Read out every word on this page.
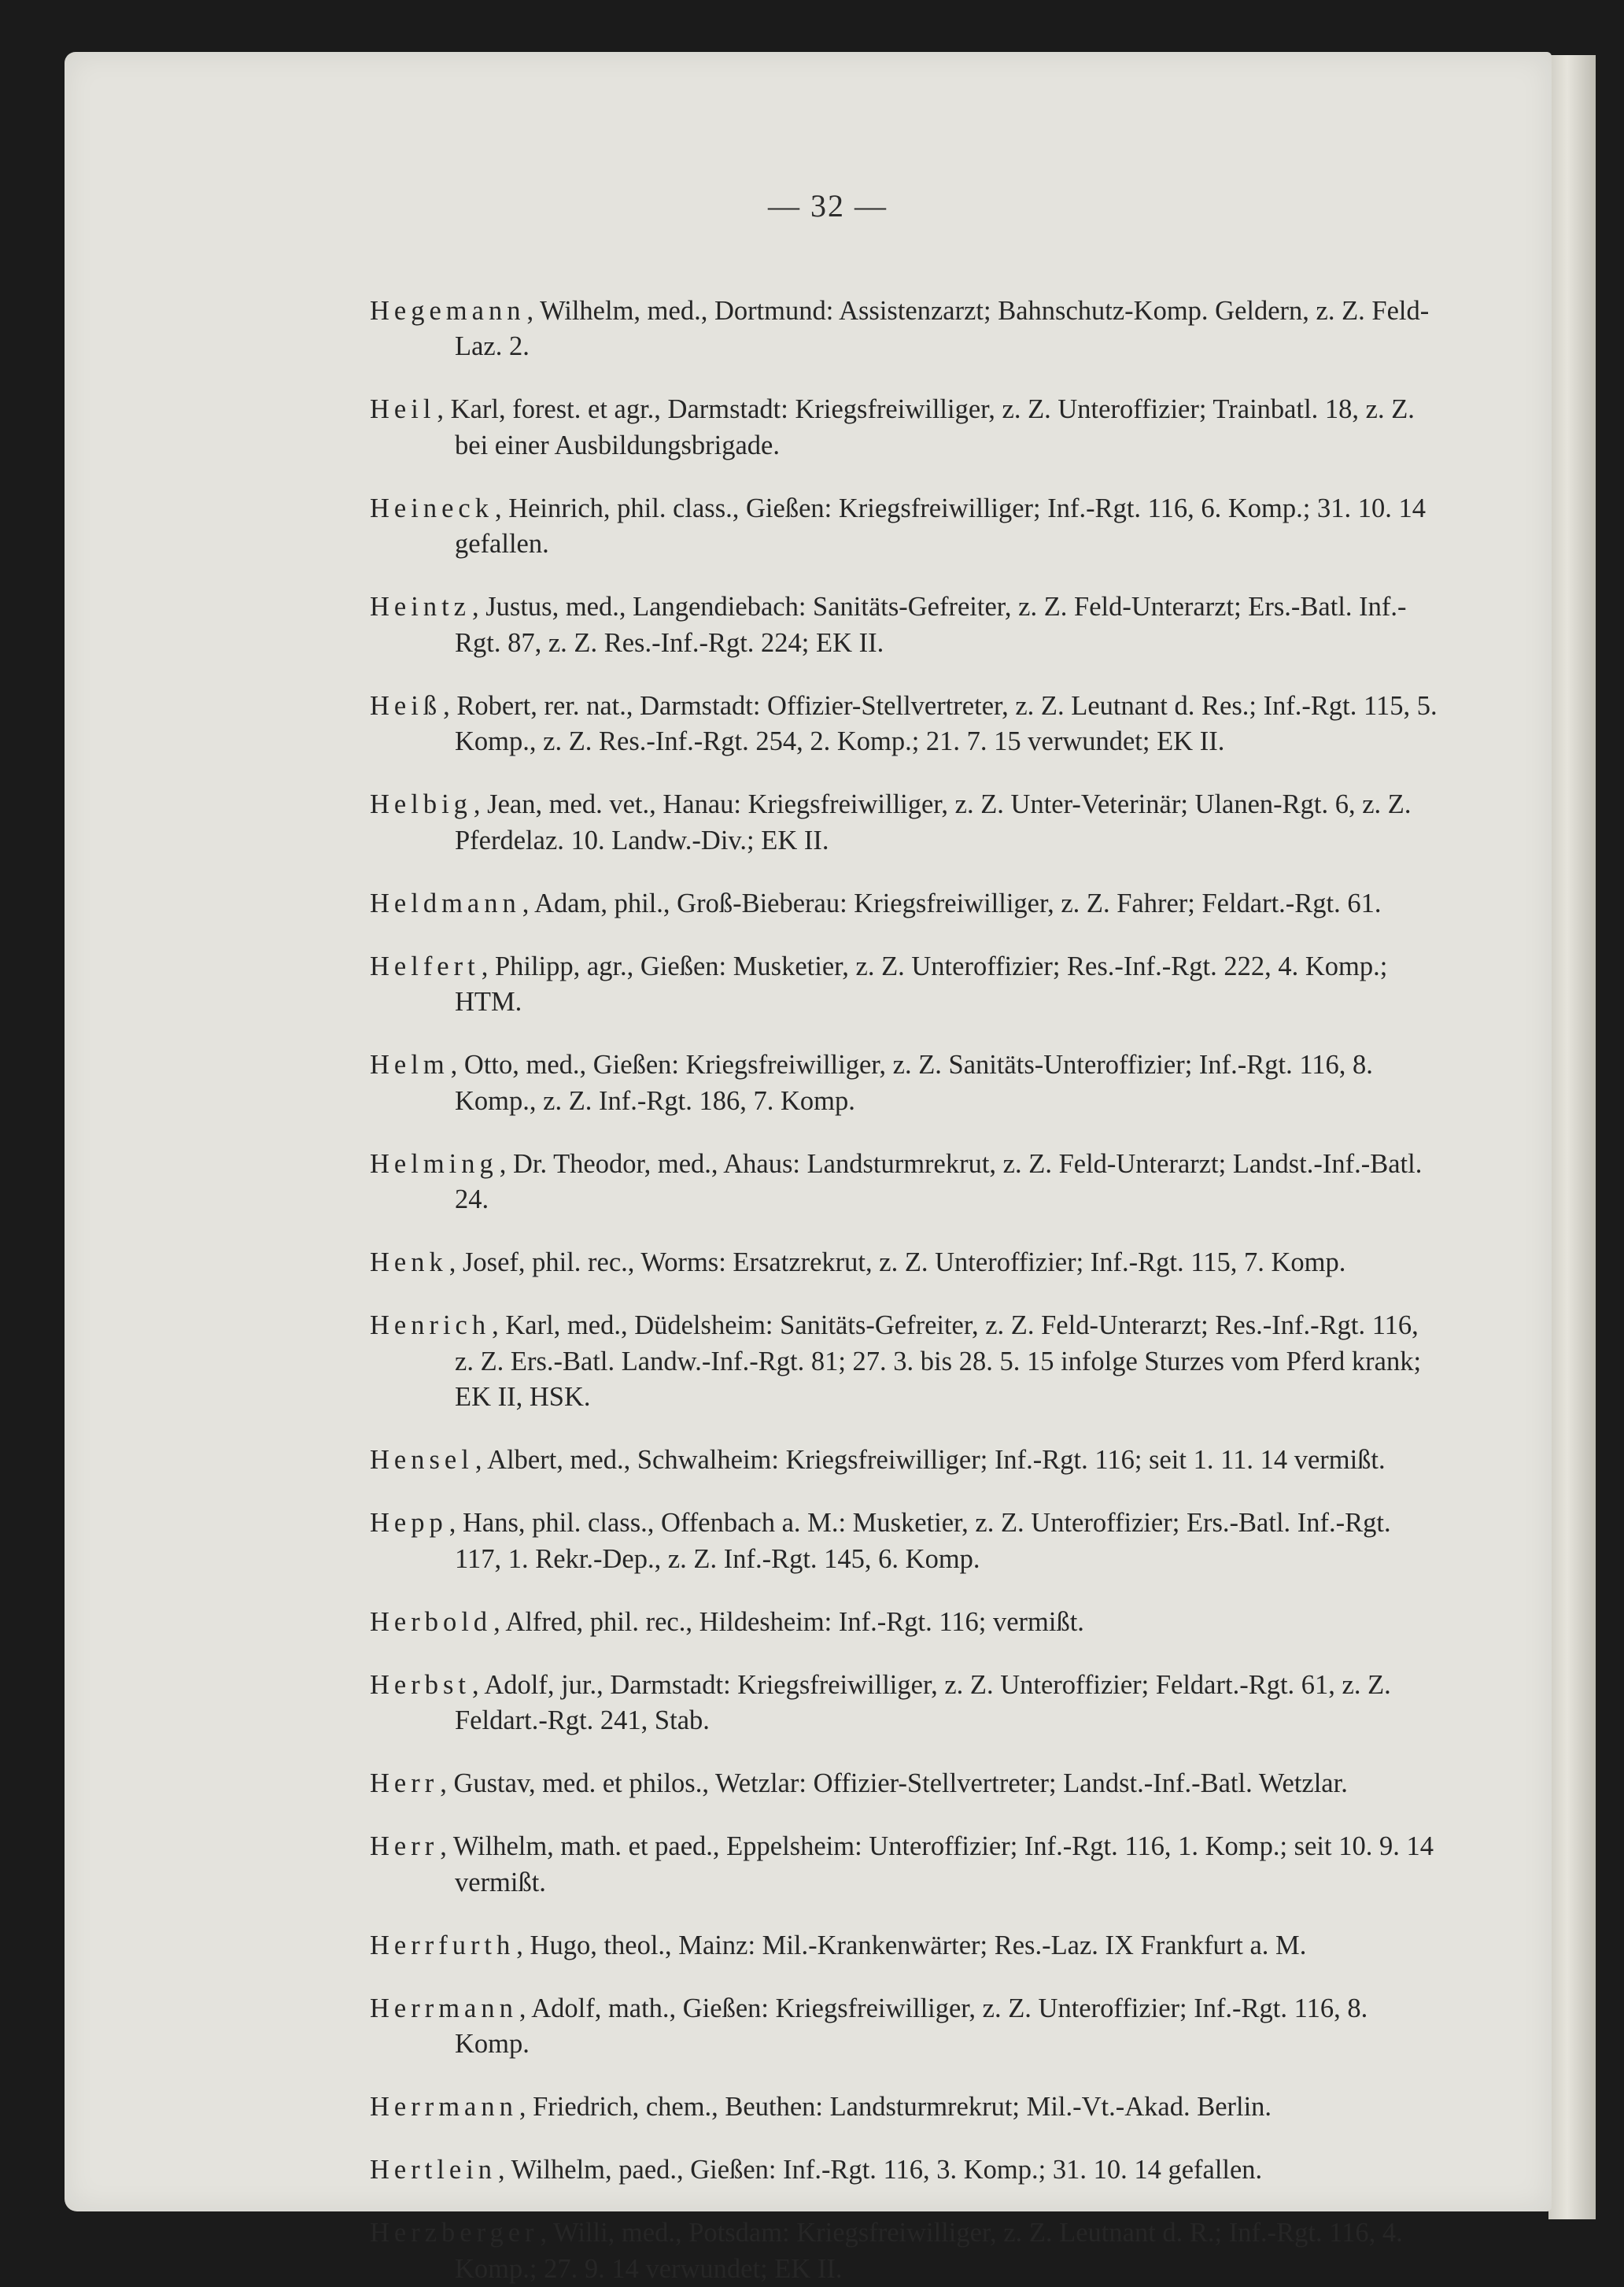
— 32 —

Hegemann, Wilhelm, med., Dortmund: Assistenzarzt; Bahnschutz-Komp. Geldern, z. Z. Feld-Laz. 2.

Heil, Karl, forest. et agr., Darmstadt: Kriegsfreiwilliger, z. Z. Unteroffizier; Trainbatl. 18, z. Z. bei einer Ausbildungsbrigade.

Heineck, Heinrich, phil. class., Gießen: Kriegsfreiwilliger; Inf.-Rgt. 116, 6. Komp.; 31. 10. 14 gefallen.

Heintz, Justus, med., Langendiebach: Sanitäts-Gefreiter, z. Z. Feld-Unterarzt; Ers.-Batl. Inf.-Rgt. 87, z. Z. Res.-Inf.-Rgt. 224; EK II.

Heiß, Robert, rer. nat., Darmstadt: Offizier-Stellvertreter, z. Z. Leutnant d. Res.; Inf.-Rgt. 115, 5. Komp., z. Z. Res.-Inf.-Rgt. 254, 2. Komp.; 21. 7. 15 verwundet; EK II.

Helbig, Jean, med. vet., Hanau: Kriegsfreiwilliger, z. Z. Unter-Veterinär; Ulanen-Rgt. 6, z. Z. Pferdelaz. 10. Landw.-Div.; EK II.

Heldmann, Adam, phil., Groß-Bieberau: Kriegsfreiwilliger, z. Z. Fahrer; Feldart.-Rgt. 61.

Helfert, Philipp, agr., Gießen: Musketier, z. Z. Unteroffizier; Res.-Inf.-Rgt. 222, 4. Komp.; HTM.

Helm, Otto, med., Gießen: Kriegsfreiwilliger, z. Z. Sanitäts-Unteroffizier; Inf.-Rgt. 116, 8. Komp., z. Z. Inf.-Rgt. 186, 7. Komp.

Helming, Dr. Theodor, med., Ahaus: Landsturmrekrut, z. Z. Feld-Unterarzt; Landst.-Inf.-Batl. 24.

Henk, Josef, phil. rec., Worms: Ersatzrekrut, z. Z. Unteroffizier; Inf.-Rgt. 115, 7. Komp.

Henrich, Karl, med., Düdelsheim: Sanitäts-Gefreiter, z. Z. Feld-Unterarzt; Res.-Inf.-Rgt. 116, z. Z. Ers.-Batl. Landw.-Inf.-Rgt. 81; 27. 3. bis 28. 5. 15 infolge Sturzes vom Pferd krank; EK II, HSK.

Hensel, Albert, med., Schwalheim: Kriegsfreiwilliger; Inf.-Rgt. 116; seit 1. 11. 14 vermißt.

Hepp, Hans, phil. class., Offenbach a. M.: Musketier, z. Z. Unteroffizier; Ers.-Batl. Inf.-Rgt. 117, 1. Rekr.-Dep., z. Z. Inf.-Rgt. 145, 6. Komp.

Herbold, Alfred, phil. rec., Hildesheim: Inf.-Rgt. 116; vermißt.

Herbst, Adolf, jur., Darmstadt: Kriegsfreiwilliger, z. Z. Unteroffizier; Feldart.-Rgt. 61, z. Z. Feldart.-Rgt. 241, Stab.

Herr, Gustav, med. et philos., Wetzlar: Offizier-Stellvertreter; Landst.-Inf.-Batl. Wetzlar.

Herr, Wilhelm, math. et paed., Eppelsheim: Unteroffizier; Inf.-Rgt. 116, 1. Komp.; seit 10. 9. 14 vermißt.

Herrfurth, Hugo, theol., Mainz: Mil.-Krankenwärter; Res.-Laz. IX Frankfurt a. M.

Herrmann, Adolf, math., Gießen: Kriegsfreiwilliger, z. Z. Unteroffizier; Inf.-Rgt. 116, 8. Komp.

Herrmann, Friedrich, chem., Beuthen: Landsturmrekrut; Mil.-Vt.-Akad. Berlin.

Hertlein, Wilhelm, paed., Gießen: Inf.-Rgt. 116, 3. Komp.; 31. 10. 14 gefallen.

Herzberger, Willi, med., Potsdam: Kriegsfreiwilliger, z. Z. Leutnant d. R.; Inf.-Rgt. 116, 4. Komp.; 27. 9. 14 verwundet; EK II.
